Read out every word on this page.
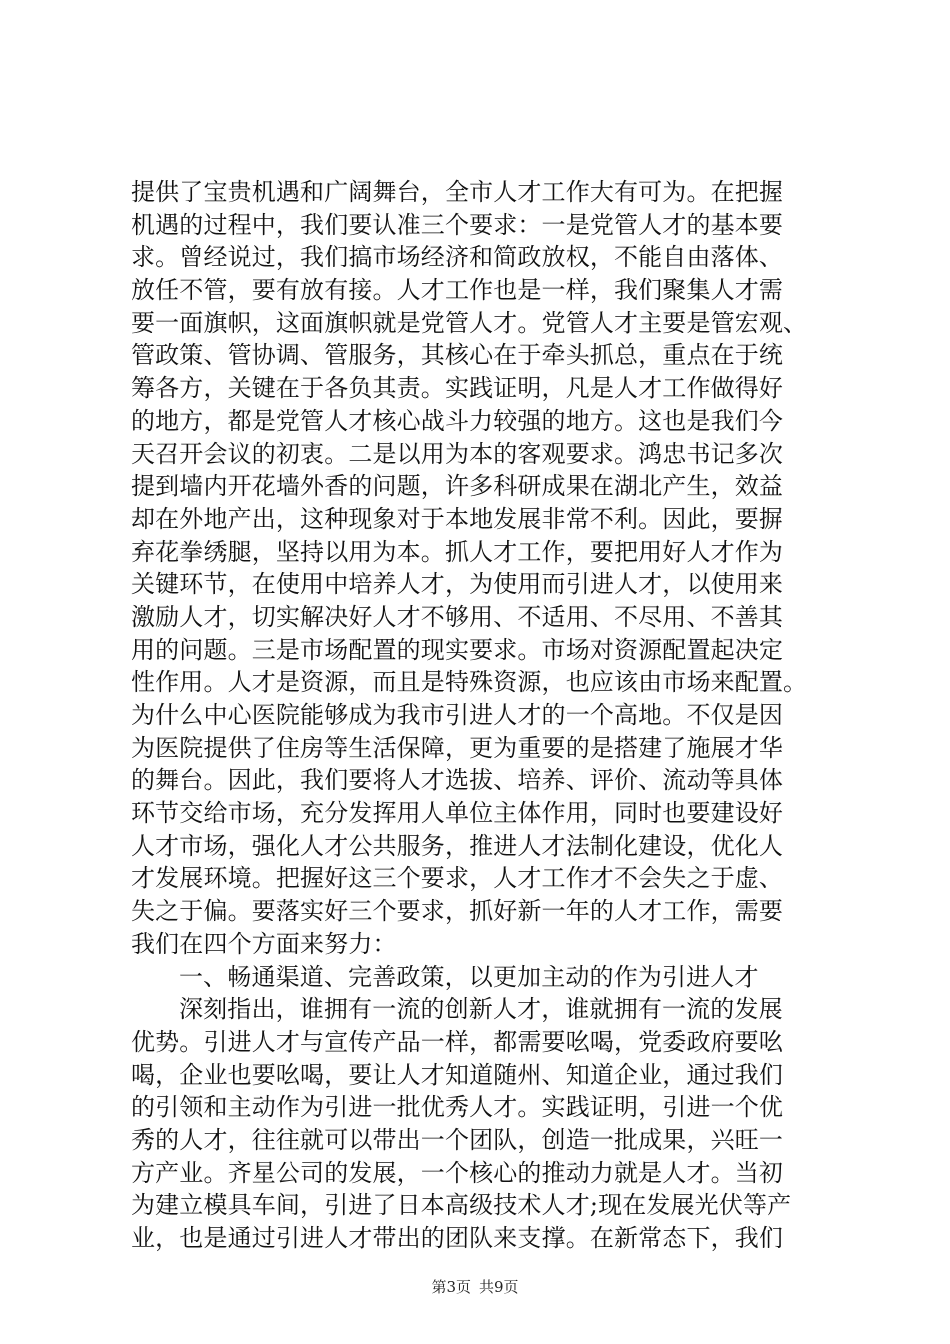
提供了宝贵机遇和广阔舞台，全市人才工作大有可为。在把握
机遇的过程中，我们要认准三个要求：一是党管人才的基本要
求。曾经说过，我们搞市场经济和简政放权，不能自由落体、
放任不管，要有放有接。人才工作也是一样，我们聚集人才需
要一面旗帜，这面旗帜就是党管人才。党管人才主要是管宏观、
管政策、管协调、管服务，其核心在于牵头抓总，重点在于统
筹各方，关键在于各负其责。实践证明，凡是人才工作做得好
的地方，都是党管人才核心战斗力较强的地方。这也是我们今
天召开会议的初衷。二是以用为本的客观要求。鸿忠书记多次
提到墙内开花墙外香的问题，许多科研成果在湖北产生，效益
却在外地产出，这种现象对于本地发展非常不利。因此，要摒
弃花拳绣腿，坚持以用为本。抓人才工作，要把用好人才作为
关键环节，在使用中培养人才，为使用而引进人才，以使用来
激励人才，切实解决好人才不够用、不适用、不尽用、不善其
用的问题。三是市场配置的现实要求。市场对资源配置起决定
性作用。人才是资源，而且是特殊资源，也应该由市场来配置。
为什么中心医院能够成为我市引进人才的一个高地。不仅是因
为医院提供了住房等生活保障，更为重要的是搭建了施展才华
的舞台。因此，我们要将人才选拔、培养、评价、流动等具体
环节交给市场，充分发挥用人单位主体作用，同时也要建设好
人才市场，强化人才公共服务，推进人才法制化建设，优化人
才发展环境。把握好这三个要求，人才工作才不会失之于虚、
失之于偏。要落实好三个要求，抓好新一年的人才工作，需要
我们在四个方面来努力：
一、畅通渠道、完善政策，以更加主动的作为引进人才
深刻指出，谁拥有一流的创新人才，谁就拥有一流的发展
优势。引进人才与宣传产品一样，都需要吆喝，党委政府要吆
喝，企业也要吆喝，要让人才知道随州、知道企业，通过我们
的引领和主动作为引进一批优秀人才。实践证明，引进一个优
秀的人才，往往就可以带出一个团队，创造一批成果，兴旺一
方产业。齐星公司的发展，一个核心的推动力就是人才。当初
为建立模具车间，引进了日本高级技术人才;现在发展光伏等产
业，也是通过引进人才带出的团队来支撑。在新常态下，我们
第3页 共9页
